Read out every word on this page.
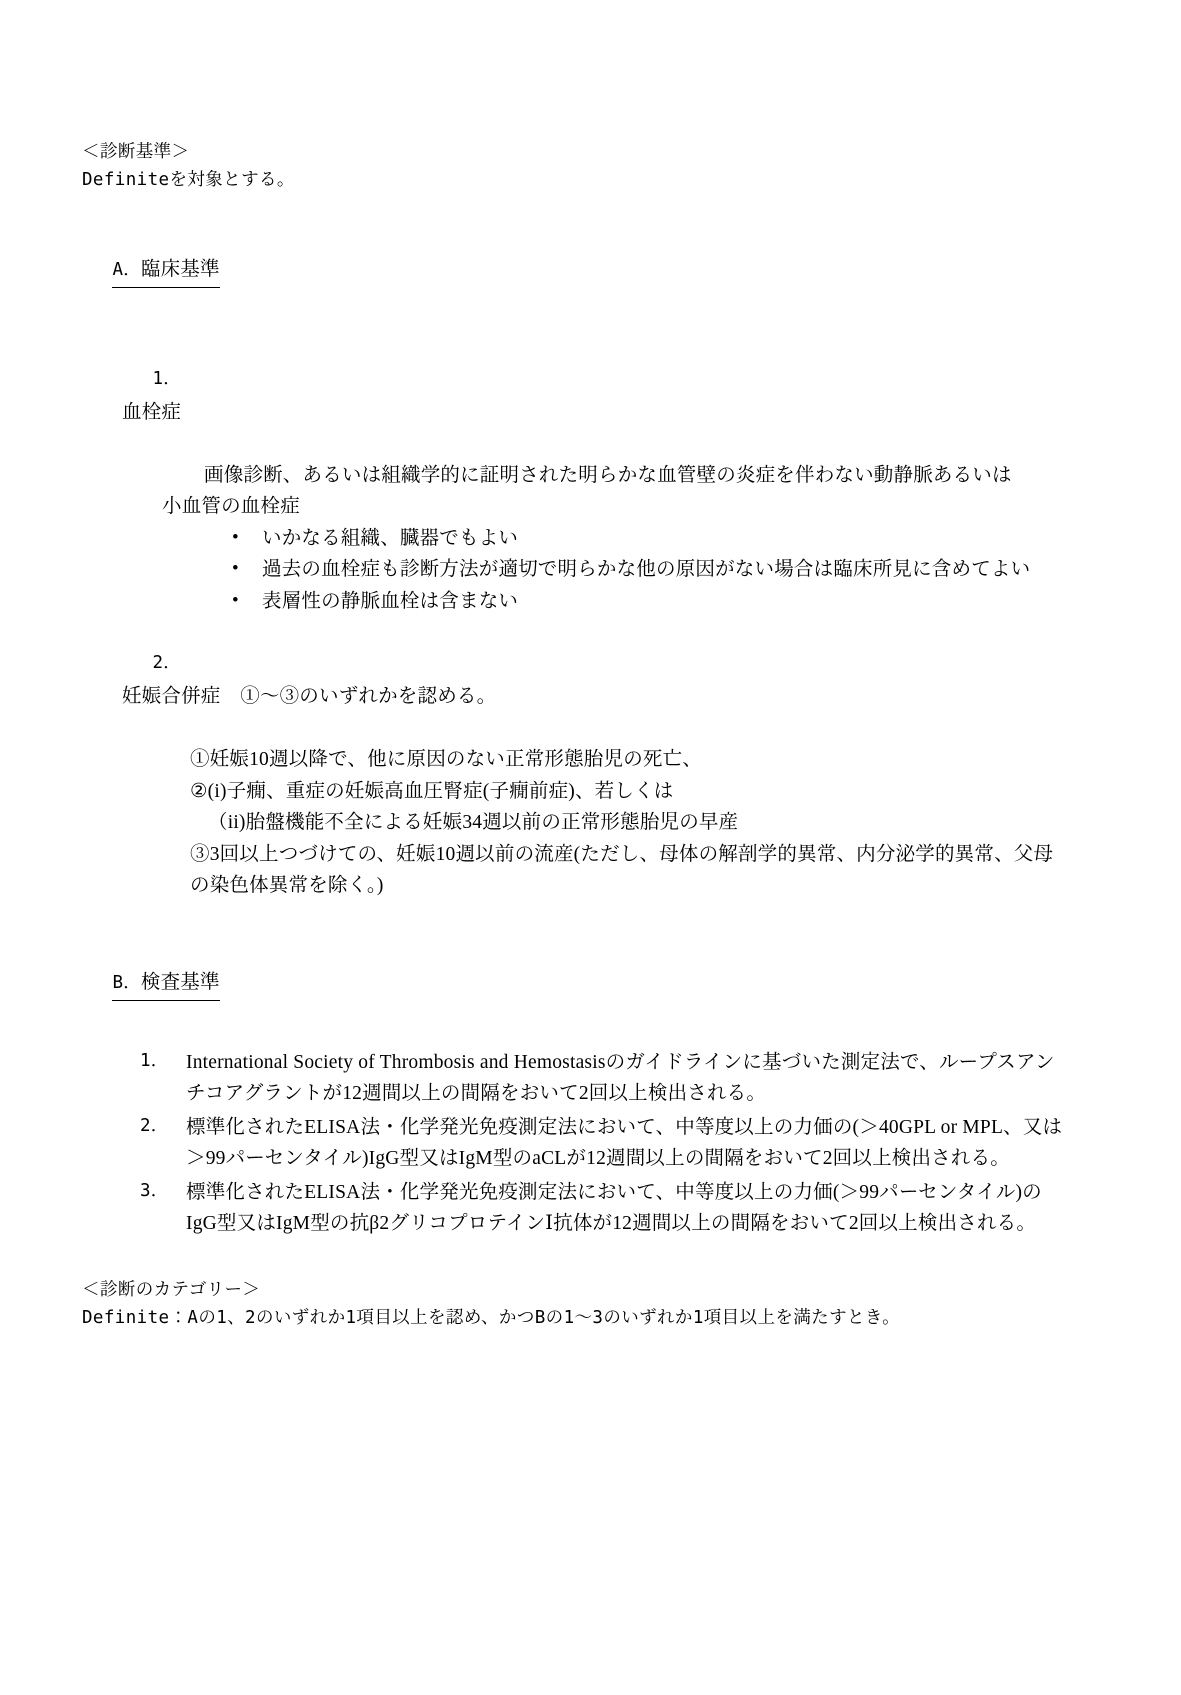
＜診断基準＞
Definiteを対象とする。

A．臨床基準

1．血栓症

画像診断、あるいは組織学的に証明された明らかな血管壁の炎症を伴わない動静脈あるいは
小血管の血栓症
• いかなる組織、臓器でもよい
• 過去の血栓症も診断方法が適切で明らかな他の原因がない場合は臨床所見に含めてよい
• 表層性の静脈血栓は含まない

2．妊娠合併症　①〜③のいずれかを認める。

①妊娠10週以降で、他に原因のない正常形態胎児の死亡、
②(i)子癇、重症の妊娠高血圧腎症(子癇前症)、若しくは
（ii)胎盤機能不全による妊娠34週以前の正常形態胎児の早産
③3回以上つづけての、妊娠10週以前の流産(ただし、母体の解剖学的異常、内分泌学的異常、父母の染色体異常を除く。)

B．検査基準

1． International Society of Thrombosis and Hemostasisのガイドラインに基づいた測定法で、ループスアンチコアグラントが12週間以上の間隔をおいて2回以上検出される。
2． 標準化されたELISA法・化学発光免疫測定法において、中等度以上の力価の(＞40GPL or MPL、又は＞99パーセンタイル)IgG型又はIgM型のaCLが12週間以上の間隔をおいて2回以上検出される。
3． 標準化されたELISA法・化学発光免疫測定法において、中等度以上の力価(＞99パーセンタイル)のIgG型又はIgM型の抗β2グリコプロテインⅠ抗体が12週間以上の間隔をおいて2回以上検出される。
＜診断のカテゴリー＞
Definite：Aの1、2のいずれか1項目以上を認め、かつBの1〜3のいずれか1項目以上を満たすとき。
